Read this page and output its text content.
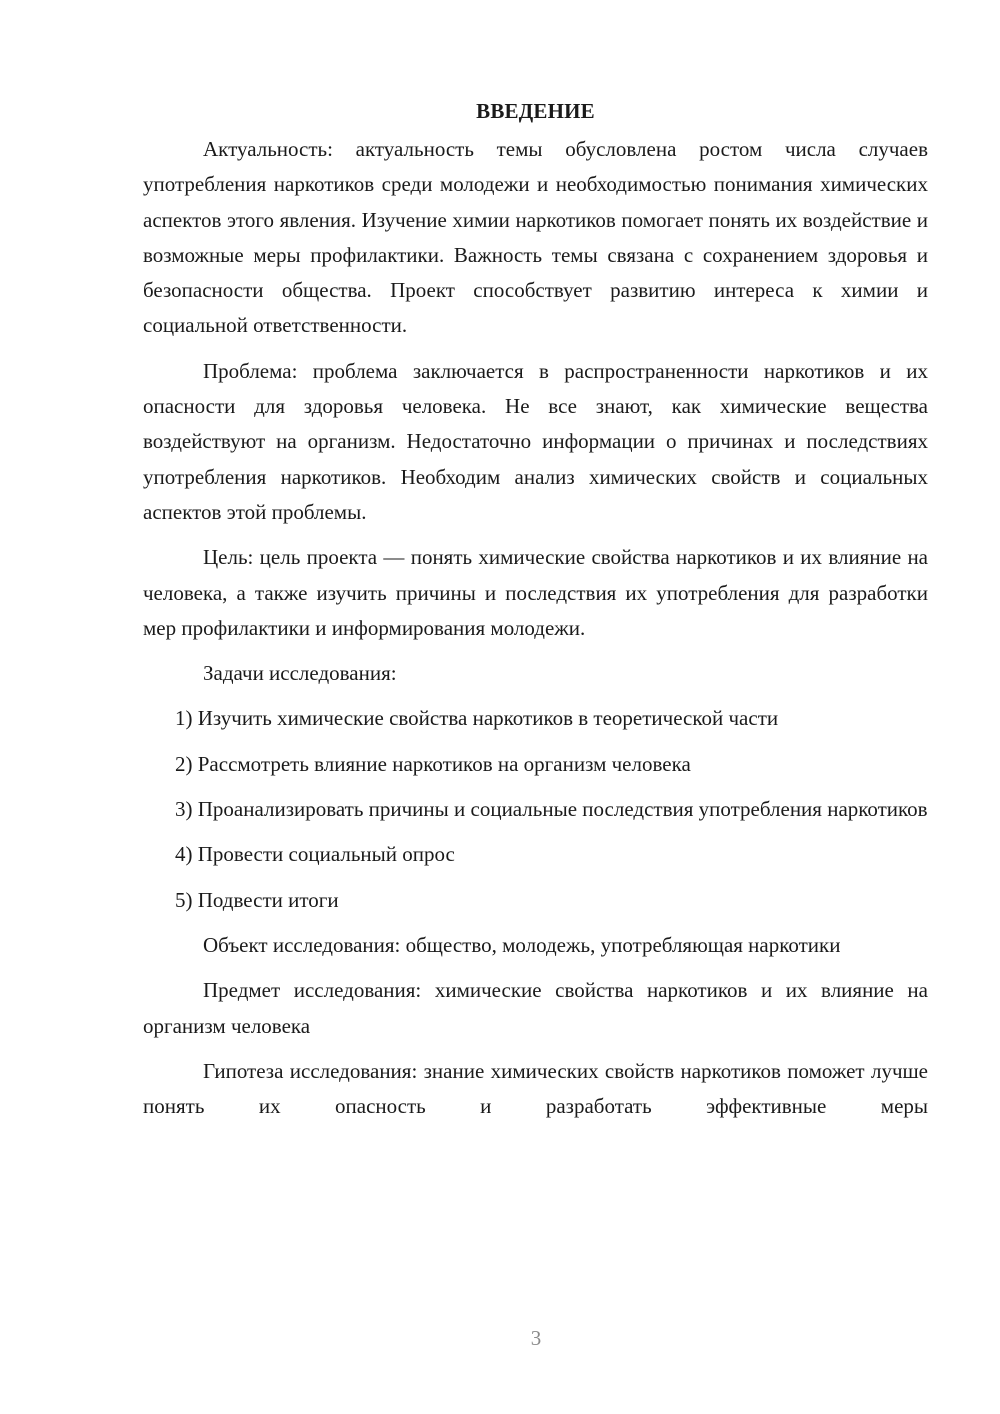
ВВЕДЕНИЕ

Актуальность: актуальность темы обусловлена ростом числа случаев употребления наркотиков среди молодежи и необходимостью понимания химических аспектов этого явления. Изучение химии наркотиков помогает понять их воздействие и возможные меры профилактики. Важность темы связана с сохранением здоровья и безопасности общества. Проект способствует развитию интереса к химии и социальной ответственности.

Проблема: проблема заключается в распространенности наркотиков и их опасности для здоровья человека. Не все знают, как химические вещества воздействуют на организм. Недостаточно информации о причинах и последствиях употребления наркотиков. Необходим анализ химических свойств и социальных аспектов этой проблемы.

Цель: цель проекта — понять химические свойства наркотиков и их влияние на человека, а также изучить причины и последствия их употребления для разработки мер профилактики и информирования молодежи.

Задачи исследования:

1) Изучить химические свойства наркотиков в теоретической части

2) Рассмотреть влияние наркотиков на организм человека

3) Проанализировать причины и социальные последствия употребления наркотиков

4) Провести социальный опрос

5) Подвести итоги

Объект исследования: общество, молодежь, употребляющая наркотики

Предмет исследования: химические свойства наркотиков и их влияние на организм человека

Гипотеза исследования: знание химических свойств наркотиков поможет лучше понять их опасность и разработать эффективные меры

3
